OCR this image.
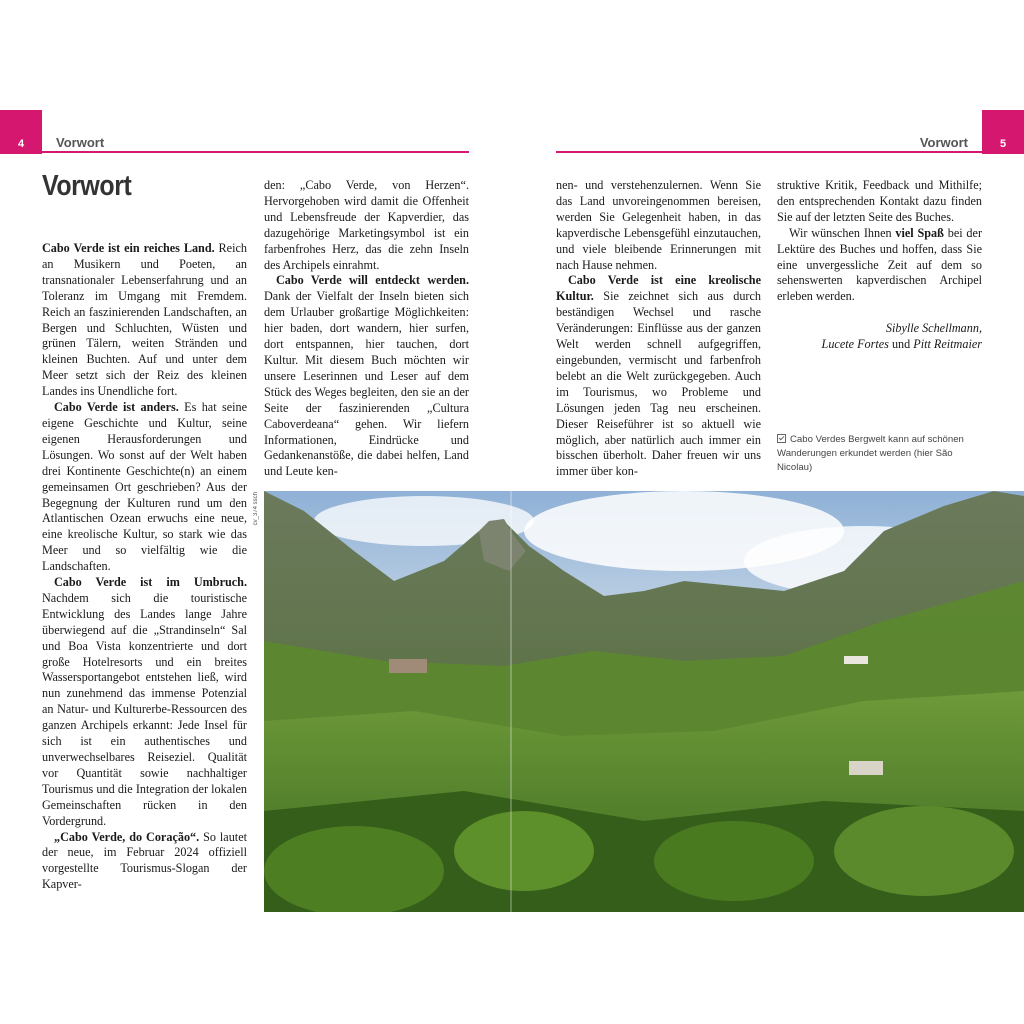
4	5
Vorwort	Vorwort
Vorwort

Cabo Verde ist ein reiches Land. Reich an Musikern und Poeten, an transnationaler Lebenserfahrung und an Toleranz im Umgang mit Fremdem. Reich an faszinierenden Landschaften, an Bergen und Schluchten, Wüsten und grünen Tälern, weiten Stränden und kleinen Buchten. Auf und unter dem Meer setzt sich der Reiz des kleinen Landes ins Unendliche fort.

Cabo Verde ist anders. Es hat seine eigene Geschichte und Kultur, seine eigenen Herausforderungen und Lösungen. Wo sonst auf der Welt haben drei Kontinente Geschichte(n) an einem gemeinsamen Ort geschrieben? Aus der Begegnung der Kulturen rund um den Atlantischen Ozean erwuchs eine neue, eine kreolische Kultur, so stark wie das Meer und so vielfältig wie die Landschaften.

Cabo Verde ist im Umbruch. Nachdem sich die touristische Entwicklung des Landes lange Jahre überwiegend auf die „Strandinseln“ Sal und Boa Vista konzentrierte und dort große Hotelresorts und ein breites Wassersportangebot entstehen ließ, wird nun zunehmend das immense Potenzial an Natur- und Kulturerbe-Ressourcen des ganzen Archipels erkannt: Jede Insel für sich ist ein authentisches und unverwechselbares Reiseziel. Qualität vor Quantität sowie nachhaltiger Tourismus und die Integration der lokalen Gemeinschaften rücken in den Vordergrund.

„Cabo Verde, do Coração“. So lautet der neue, im Februar 2024 offiziell vorgestellte Tourismus-Slogan der Kapver-

den: „Cabo Verde, von Herzen“. Hervorgehoben wird damit die Offenheit und Lebensfreude der Kapverdier, das dazugehörige Marketingsymbol ist ein farbenfrohes Herz, das die zehn Inseln des Archipels einrahmt.

Cabo Verde will entdeckt werden. Dank der Vielfalt der Inseln bieten sich dem Urlauber großartige Möglichkeiten: hier baden, dort wandern, hier surfen, dort entspannen, hier tauchen, dort Kultur. Mit diesem Buch möchten wir unsere Leserinnen und Leser auf dem Stück des Weges begleiten, den sie an der Seite der faszinierenden „Cultura Caboverdeana“ gehen. Wir liefern Informationen, Eindrücke und Gedankenanstöße, die dabei helfen, Land und Leute ken-

nen- und verstehenzulernen. Wenn Sie das Land unvoreingenommen bereisen, werden Sie Gelegenheit haben, in das kapverdische Lebensgefühl einzutauchen, und viele bleibende Erinnerungen mit nach Hause nehmen.

Cabo Verde ist eine kreolische Kultur. Sie zeichnet sich aus durch beständigen Wechsel und rasche Veränderungen: Einflüsse aus der ganzen Welt werden schnell aufgegriffen, eingebunden, vermischt und farbenfroh belebt an die Welt zurückgegeben. Auch im Tourismus, wo Probleme und Lösungen jeden Tag neu erscheinen. Dieser Reiseführer ist so aktuell wie möglich, aber natürlich auch immer ein bisschen überholt. Daher freuen wir uns immer über kon-

struktive Kritik, Feedback und Mithilfe; den entsprechenden Kontakt dazu finden Sie auf der letzten Seite des Buches.

Wir wünschen Ihnen viel Spaß bei der Lektüre des Buches und hoffen, dass Sie eine unvergessliche Zeit auf dem so sehenswerten kapverdischen Archipel erleben werden.

Sibylle Schellmann,
Lucete Fortes und Pitt Reitmaier

Cabo Verdes Bergwelt kann auf schönen Wanderungen erkundet werden (hier São Nicolau)
cv_374 ssch
